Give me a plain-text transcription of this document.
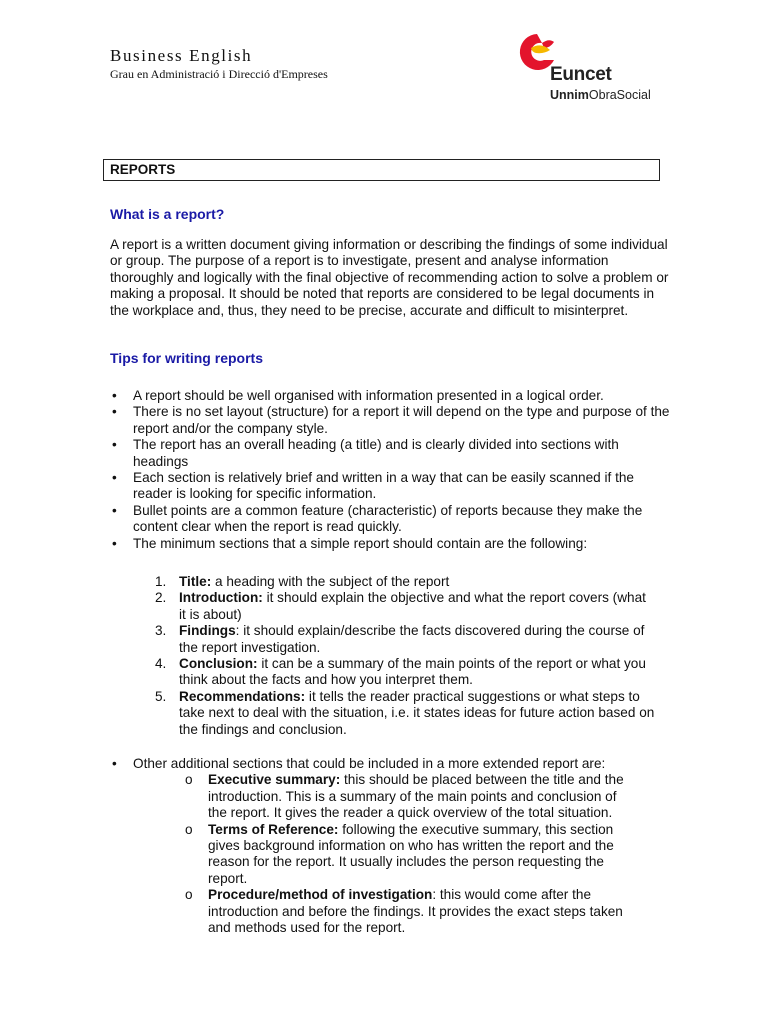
Business English
Grau en Administració i Direcció d'Empreses	Euncet
UnnimObraSocial
REPORTS
What is a report?

A report is a written document giving information or describing the findings of some individual or group. The purpose of a report is to investigate, present and analyse information thoroughly and logically with the final objective of recommending action to solve a problem or making a proposal. It should be noted that reports are considered to be legal documents in the workplace and, thus, they need to be precise, accurate and difficult to misinterpret.

Tips for writing reports
• A report should be well organised with information presented in a logical order.
• There is no set layout (structure) for a report it will depend on the type and purpose of the report and/or the company style.
• The report has an overall heading (a title) and is clearly divided into sections with headings
• Each section is relatively brief and written in a way that can be easily scanned if the reader is looking for specific information.
• Bullet points are a common feature (characteristic) of reports because they make the content clear when the report is read quickly.
• The minimum sections that a simple report should contain are the following:
1. Title: a heading with the subject of the report
2. Introduction: it should explain the objective and what the report covers (what it is about)
3. Findings: it should explain/describe the facts discovered during the course of the report investigation.
4. Conclusion: it can be a summary of the main points of the report or what you think about the facts and how you interpret them.
5. Recommendations: it tells the reader practical suggestions or what steps to take next to deal with the situation, i.e. it states ideas for future action based on the findings and conclusion.

• Other additional sections that could be included in a more extended report are:

o Executive summary: this should be placed between the title and the introduction. This is a summary of the main points and conclusion of the report. It gives the reader a quick overview of the total situation.
o Terms of Reference: following the executive summary, this section gives background information on who has written the report and the reason for the report. It usually includes the person requesting the report.
o Procedure/method of investigation: this would come after the introduction and before the findings. It provides the exact steps taken and methods used for the report.
